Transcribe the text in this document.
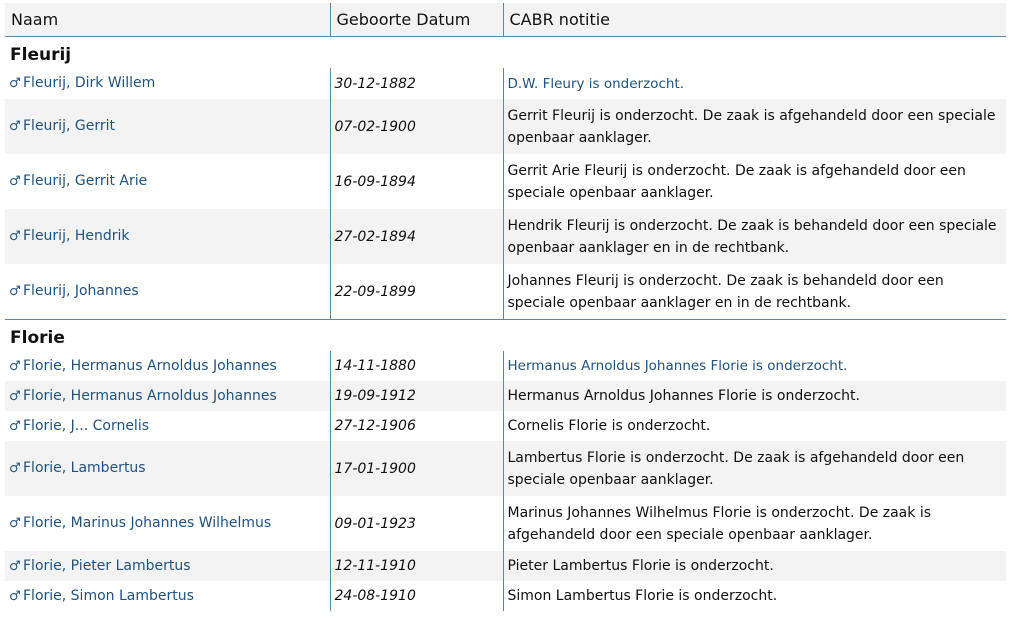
Naam	Geboorte Datum	CABR notitie
Fleurij		
♂ Fleurij, Dirk Willem	30-12-1882	D.W. Fleury is onderzocht.
♂ Fleurij, Gerrit	07-02-1900	Gerrit Fleurij is onderzocht. De zaak is afgehandeld door een speciale openbaar aanklager.
♂ Fleurij, Gerrit Arie	16-09-1894	Gerrit Arie Fleurij is onderzocht. De zaak is afgehandeld door een speciale openbaar aanklager.
♂ Fleurij, Hendrik	27-02-1894	Hendrik Fleurij is onderzocht. De zaak is behandeld door een speciale openbaar aanklager en in de rechtbank.
♂ Fleurij, Johannes	22-09-1899	Johannes Fleurij is onderzocht. De zaak is behandeld door een speciale openbaar aanklager en in de rechtbank.
Florie		
♂ Florie, Hermanus Arnoldus Johannes	14-11-1880	Hermanus Arnoldus Johannes Florie is onderzocht.
♂ Florie, Hermanus Arnoldus Johannes	19-09-1912	Hermanus Arnoldus Johannes Florie is onderzocht.
♂ Florie, J... Cornelis	27-12-1906	Cornelis Florie is onderzocht.
♂ Florie, Lambertus	17-01-1900	Lambertus Florie is onderzocht. De zaak is afgehandeld door een speciale openbaar aanklager.
♂ Florie, Marinus Johannes Wilhelmus	09-01-1923	Marinus Johannes Wilhelmus Florie is onderzocht. De zaak is afgehandeld door een speciale openbaar aanklager.
♂ Florie, Pieter Lambertus	12-11-1910	Pieter Lambertus Florie is onderzocht.
♂ Florie, Simon Lambertus	24-08-1910	Simon Lambertus Florie is onderzocht.
